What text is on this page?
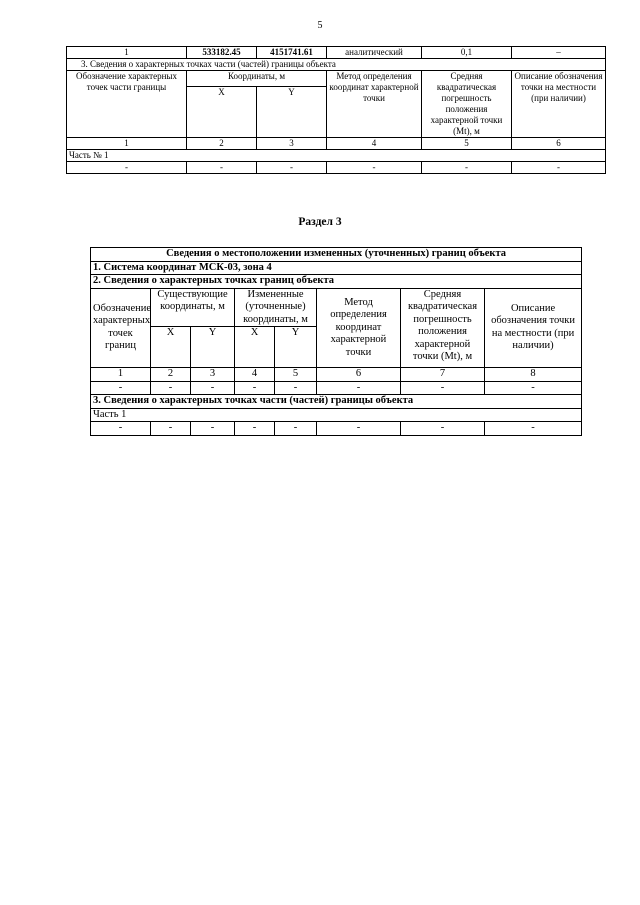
5
1	533182.45	4151741.61	аналитический	0,1	–
3. Сведения о характерных точках части (частей) границы объекта					
Обозначение характерных точек части границы	Координаты, м		Метод определения координат характерной точки	Средняя квадратическая погрешность положения характерной точки (Mt), м	Описание обозначения точки на местности (при наличии)
	X	Y			
1	2	3	4	5	6
Часть № 1					
-	-	-	-	-	-
Раздел 3
Сведения о местоположении измененных (уточненных) границ объекта							
1. Система координат МСК-03, зона 4							
2. Сведения о характерных точках границ объекта							
Обозначение характерных точек границ	Существующие координаты, м		Измененные (уточненные) координаты, м		Метод определения координат характерной точки	Средняя квадратическая погрешность положения характерной точки (Mt), м	Описание обозначения точки на местности (при наличии)
	X	Y	X	Y			
1	2	3	4	5	6	7	8
-	-	-	-	-	-	-	-
3. Сведения о характерных точках части (частей) границы объекта							
Часть 1							
-	-	-	-	-	-	-	-
